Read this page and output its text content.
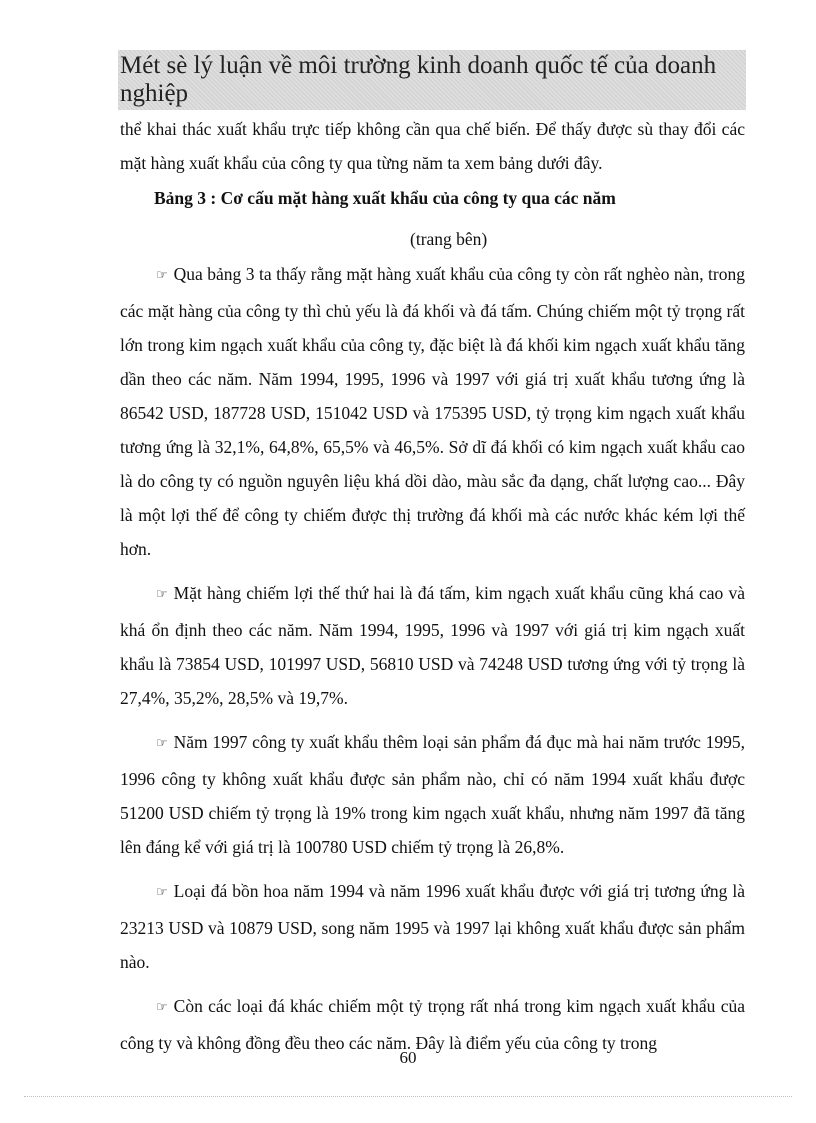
Mét sè lý luận về môi trường kinh doanh quốc tế của doanh nghiệp

thể khai thác xuất khẩu trực tiếp không cần qua chế biến. Để thấy được sù thay đổi các mặt hàng xuất khẩu của công ty qua từng năm ta xem bảng dưới đây.

Bảng 3 : Cơ cấu mặt hàng xuất khẩu của công ty qua các năm
(trang bên)

☞ Qua bảng 3 ta thấy rằng mặt hàng xuất khẩu của công ty còn rất nghèo nàn, trong các mặt hàng của công ty thì chủ yếu là đá khối và đá tấm. Chúng chiếm một tỷ trọng rất lớn trong kim ngạch xuất khẩu của công ty, đặc biệt là đá khối kim ngạch xuất khẩu tăng dần theo các năm. Năm 1994, 1995, 1996 và 1997 với giá trị xuất khẩu tương ứng là 86542 USD, 187728 USD, 151042 USD và 175395 USD, tỷ trọng kim ngạch xuất khẩu tương ứng là 32,1%, 64,8%, 65,5% và 46,5%. Sở dĩ đá khối có kim ngạch xuất khẩu cao là do công ty có nguồn nguyên liệu khá dồi dào, màu sắc đa dạng, chất lượng cao... Đây là một lợi thế để công ty chiếm được thị trường đá khối mà các nước khác kém lợi thế hơn.

☞ Mặt hàng chiếm lợi thế thứ hai là đá tấm, kim ngạch xuất khẩu cũng khá cao và khá ổn định theo các năm. Năm 1994, 1995, 1996 và 1997 với giá trị kim ngạch xuất khẩu là 73854 USD, 101997 USD, 56810 USD và 74248 USD tương ứng với tỷ trọng là 27,4%, 35,2%, 28,5% và 19,7%.

☞ Năm 1997 công ty xuất khẩu thêm loại sản phẩm đá đục mà hai năm trước 1995, 1996 công ty không xuất khẩu được sản phẩm nào, chỉ có năm 1994 xuất khẩu được 51200 USD chiếm tỷ trọng là 19% trong kim ngạch xuất khẩu, nhưng năm 1997 đã tăng lên đáng kể với giá trị là 100780 USD chiếm tỷ trọng là 26,8%.

☞ Loại đá bồn hoa năm 1994 và năm 1996 xuất khẩu được với giá trị tương ứng là 23213 USD và 10879 USD, song năm 1995 và 1997 lại không xuất khẩu được sản phẩm nào.

☞ Còn các loại đá khác chiếm một tỷ trọng rất nhá trong kim ngạch xuất khẩu của công ty và không đồng đều theo các năm. Đây là điểm yếu của công ty trong

60
